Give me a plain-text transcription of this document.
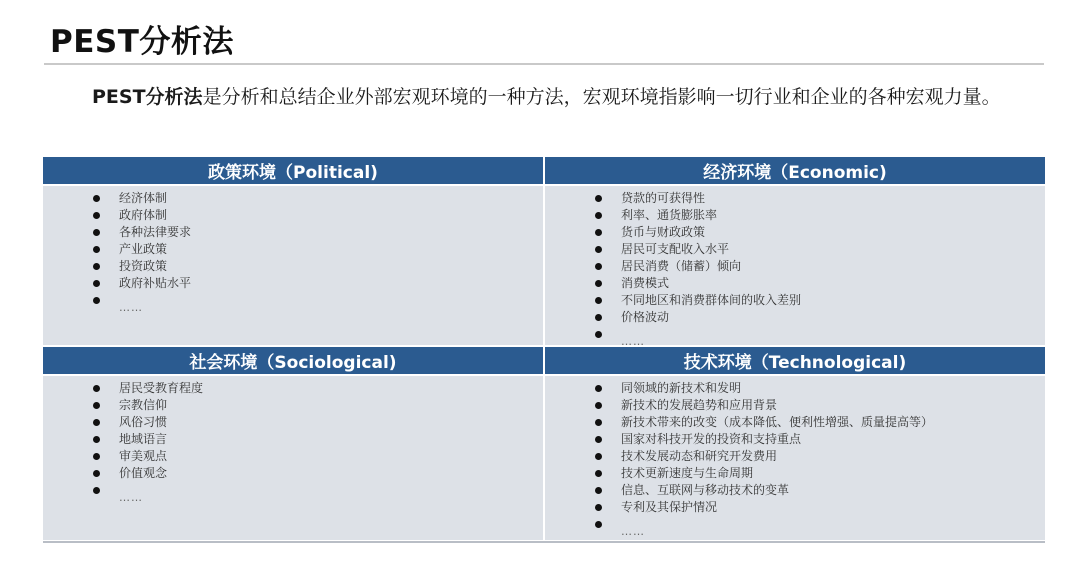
PEST分析法
PEST分析法是分析和总结企业外部宏观环境的一种方法，宏观环境指影响一切行业和企业的各种宏观力量。
政策环境（Political)
经济体制
政府体制
各种法律要求
产业政策
投资政策
政府补贴水平
……
经济环境（Economic)
贷款的可获得性
利率、通货膨胀率
货币与财政政策
居民可支配收入水平
居民消费（储蓄）倾向
消费模式
不同地区和消费群体间的收入差别
价格波动
……
社会环境（Sociological)
居民受教育程度
宗教信仰
风俗习惯
地域语言
审美观点
价值观念
……
技术环境（Technological)
同领域的新技术和发明
新技术的发展趋势和应用背景
新技术带来的改变（成本降低、便利性增强、质量提高等）
国家对科技开发的投资和支持重点
技术发展动态和研究开发费用
技术更新速度与生命周期
信息、互联网与移动技术的变革
专利及其保护情况
……
